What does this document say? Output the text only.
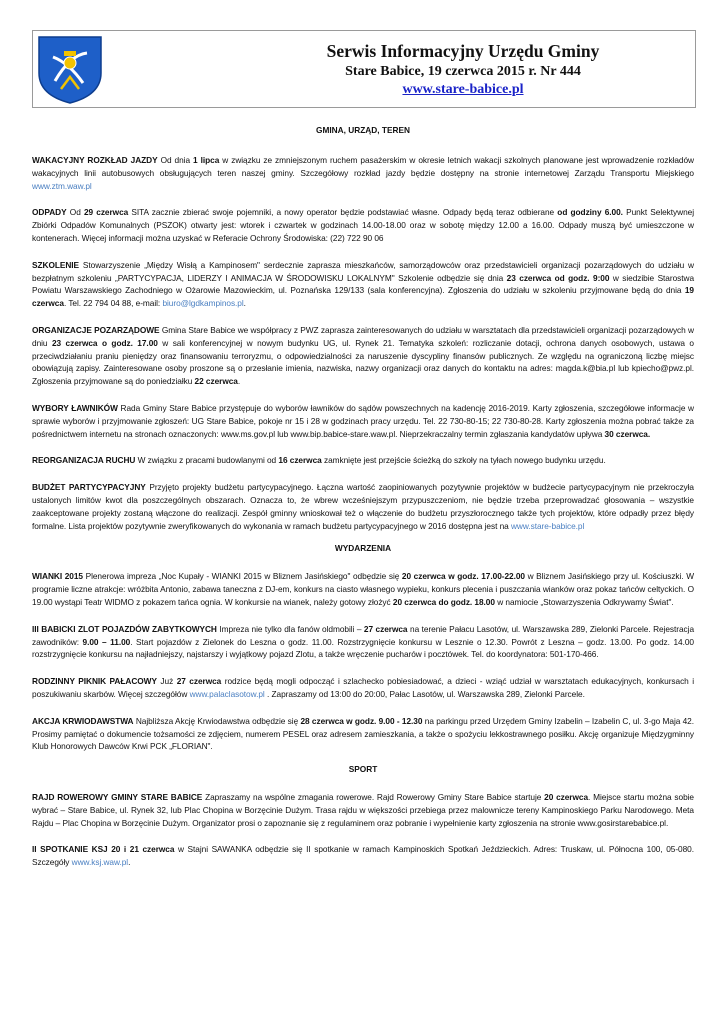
Serwis Informacyjny Urzędu Gminy
Stare Babice, 19 czerwca 2015 r. Nr 444
www.stare-babice.pl
GMINA, URZĄD, TEREN

WAKACYJNY ROZKŁAD JAZDY Od dnia 1 lipca w związku ze zmniejszonym ruchem pasażerskim w okresie letnich wakacji szkolnych planowane jest wprowadzenie rozkładów wakacyjnych linii autobusowych obsługujących teren naszej gminy. Szczegółowy rozkład jazdy będzie dostępny na stronie internetowej Zarządu Transportu Miejskiego www.ztm.waw.pl

ODPADY Od 29 czerwca SITA zacznie zbierać swoje pojemniki, a nowy operator będzie podstawiać własne. Odpady będą teraz odbierane od godziny 6.00. Punkt Selektywnej Zbiórki Odpadów Komunalnych (PSZOK) otwarty jest: wtorek i czwartek w godzinach 14.00-18.00 oraz w sobotę między 12.00 a 16.00. Odpady muszą być umieszczone w kontenerach. Więcej informacji można uzyskać w Referacie Ochrony Środowiska: (22) 722 90 06

SZKOLENIE Stowarzyszenie „Między Wisłą a Kampinosem" serdecznie zaprasza mieszkańców, samorządowców oraz przedstawicieli organizacji pozarządowych do udziału w bezpłatnym szkoleniu „PARTYCYPACJA, LIDERZY I ANIMACJA W ŚRODOWISKU LOKALNYM" Szkolenie odbędzie się dnia 23 czerwca od godz. 9:00 w siedzibie Starostwa Powiatu Warszawskiego Zachodniego w Ożarowie Mazowieckim, ul. Poznańska 129/133 (sala konferencyjna). Zgłoszenia do udziału w szkoleniu przyjmowane będą do dnia 19 czerwca. Tel. 22 794 04 88, e-mail: biuro@lgdkampinos.pl.

ORGANIZACJE POZARZĄDOWE Gmina Stare Babice we współpracy z PWZ zaprasza zainteresowanych do udziału w warsztatach dla przedstawicieli organizacji pozarządowych w dniu 23 czerwca o godz. 17.00 w sali konferencyjnej w nowym budynku UG, ul. Rynek 21. Tematyka szkoleń: rozliczanie dotacji, ochrona danych osobowych, ustawa o przeciwdziałaniu praniu pieniędzy oraz finansowaniu terroryzmu, o odpowiedzialności za naruszenie dyscypliny finansów publicznych. Ze względu na ograniczoną liczbę miejsc obowiązują zapisy. Zainteresowane osoby proszone są o przesłanie imienia, nazwiska, nazwy organizacji oraz danych do kontaktu na adres: magda.k@bia.pl lub kpiecho@pwz.pl. Zgłoszenia przyjmowane są do poniedziałku 22 czerwca.

WYBORY ŁAWNIKÓW Rada Gminy Stare Babice przystępuje do wyborów ławników do sądów powszechnych na kadencję 2016-2019. Karty zgłoszenia, szczegółowe informacje w sprawie wyborów i przyjmowanie zgłoszeń: UG Stare Babice, pokoje nr 15 i 28 w godzinach pracy urzędu. Tel. 22 730-80-15; 22 730-80-28. Karty zgłoszenia można pobrać także za pośrednictwem internetu na stronach oznaczonych: www.ms.gov.pl lub www.bip.babice-stare.waw.pl. Nieprzekraczalny termin zgłaszania kandydatów upływa 30 czerwca.

REORGANIZACJA RUCHU W związku z pracami budowlanymi od 16 czerwca zamknięte jest przejście ścieżką do szkoły na tyłach nowego budynku urzędu.

BUDŻET PARTYCYPACYJNY Przyjęto projekty budżetu partycypacyjnego. Łączna wartość zaopiniowanych pozytywnie projektów w budżecie partycypacyjnym nie przekroczyła ustalonych limitów kwot dla poszczególnych obszarach. Oznacza to, że wbrew wcześniejszym przypuszczeniom, nie będzie trzeba przeprowadzać głosowania – wszystkie zaakceptowane projekty zostaną włączone do realizacji. Zespół gminny wnioskował też o włączenie do budżetu przyszłorocznego także tych projektów, które odpadły przez błędy formalne. Lista projektów pozytywnie zweryfikowanych do wykonania w ramach budżetu partycypacyjnego w 2016 dostępna jest na www.stare-babice.pl

WYDARZENIA

WIANKI 2015 Plenerowa impreza „Noc Kupały - WIANKI 2015 w Bliznem Jasińskiego" odbędzie się 20 czerwca w godz. 17.00-22.00 w Bliznem Jasińskiego przy ul. Kościuszki. W programie liczne atrakcje: wróżbita Antonio, zabawa taneczna z DJ-em, konkurs na ciasto własnego wypieku, konkurs plecenia i puszczania wianków oraz pokaz tańców celtyckich. O 19.00 wystąpi Teatr WIDMO z pokazem tańca ognia. W konkursie na wianek, należy gotowy złożyć 20 czerwca do godz. 18.00 w namiocie „Stowarzyszenia Odkrywamy Świat".

III BABICKI ZLOT POJAZDÓW ZABYTKOWYCH Impreza nie tylko dla fanów oldmobili – 27 czerwca na terenie Pałacu Lasotów, ul. Warszawska 289, Zielonki Parcele. Rejestracja zawodników: 9.00 – 11.00. Start pojazdów z Zielonek do Leszna o godz. 11.00. Rozstrzygnięcie konkursu w Lesznie o 12.30. Powrót z Leszna – godz. 13.00. Po godz. 14.00 rozstrzygnięcie konkursu na najładniejszy, najstarszy i wyjątkowy pojazd Zlotu, a także wręczenie pucharów i pocztówek. Tel. do koordynatora: 501-170-466.

RODZINNY PIKNIK PAŁACOWY Już 27 czerwca rodzice będą mogli odpocząć i szlachecko pobiesiadować, a dzieci - wziąć udział w warsztatach edukacyjnych, konkursach i poszukiwaniu skarbów. Więcej szczegółów www.palaclasotow.pl . Zapraszamy od 13:00 do 20:00, Pałac Lasotów, ul. Warszawska 289, Zielonki Parcele.

AKCJA KRWIODAWSTWA Najbliższa Akcję Krwiodawstwa odbędzie się 28 czerwca w godz. 9.00 - 12.30 na parkingu przed Urzędem Gminy Izabelin – Izabelin C, ul. 3-go Maja 42. Prosimy pamiętać o dokumencie tożsamości ze zdjęciem, numerem PESEL oraz adresem zamieszkania, a także o spożyciu lekkostrawnego posiłku. Akcję organizuje Międzygminny Klub Honorowych Dawców Krwi PCK „FLORIAN".

SPORT

RAJD ROWEROWY GMINY STARE BABICE Zapraszamy na wspólne zmagania rowerowe. Rajd Rowerowy Gminy Stare Babice startuje 20 czerwca. Miejsce startu można sobie wybrać – Stare Babice, ul. Rynek 32, lub Plac Chopina w Borzęcinie Dużym. Trasa rajdu w większości przebiega przez malownicze tereny Kampinoskiego Parku Narodowego. Meta Rajdu – Plac Chopina w Borzęcinie Dużym. Organizator prosi o zapoznanie się z regulaminem oraz pobranie i wypełnienie karty zgłoszenia na stronie www.gosirstarebabice.pl.

II SPOTKANIE KSJ 20 i 21 czerwca w Stajni SAWANKA odbędzie się II spotkanie w ramach Kampinoskich Spotkań Jeździeckich. Adres: Truskaw, ul. Północna 100, 05-080. Szczegóły www.ksj.waw.pl.
